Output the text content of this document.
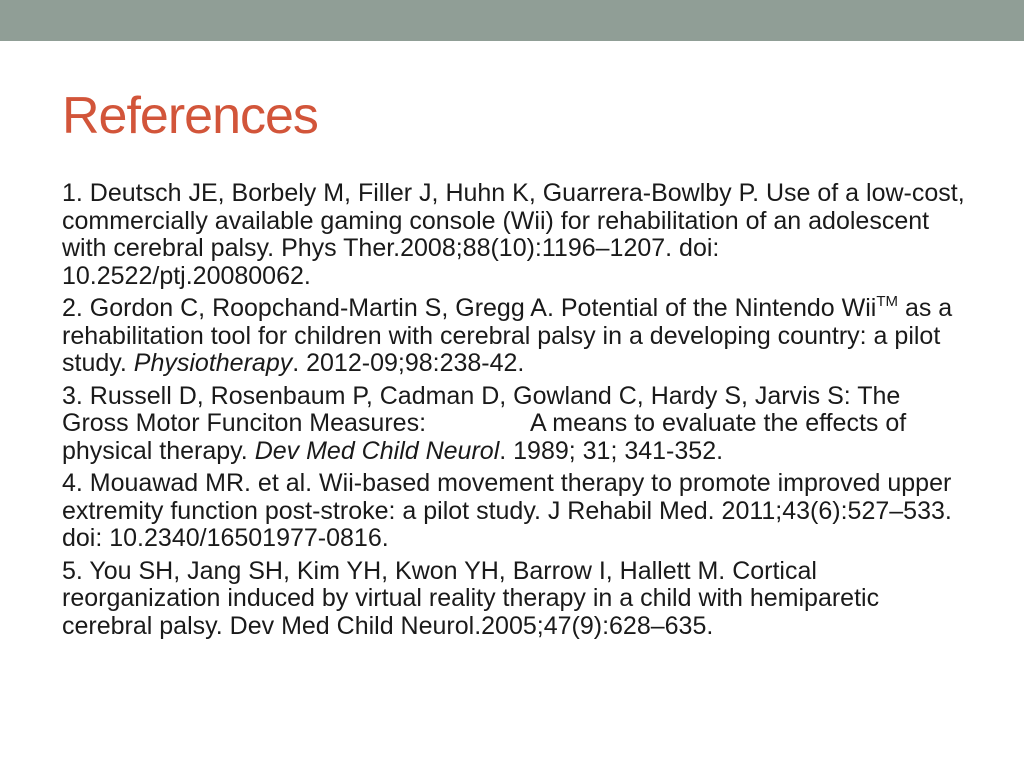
References
1. Deutsch JE, Borbely M, Filler J, Huhn K, Guarrera-Bowlby P. Use of a low-cost, commercially available gaming console (Wii) for rehabilitation of an adolescent with cerebral palsy. Phys Ther.2008;88(10):1196–1207. doi: 10.2522/ptj.20080062.
2. Gordon C, Roopchand-Martin S, Gregg A. Potential of the Nintendo Wii™ as a rehabilitation tool for children with cerebral palsy in a developing country: a pilot study. Physiotherapy. 2012-09;98:238-42.
3. Russell D, Rosenbaum P, Cadman D, Gowland C, Hardy S, Jarvis S: The Gross Motor Funciton Measures:	A means to evaluate the effects of physical therapy. Dev Med Child Neurol. 1989; 31; 341-352.
4. Mouawad MR. et al. Wii-based movement therapy to promote improved upper extremity function post-stroke: a pilot study. J Rehabil Med. 2011;43(6):527–533. doi: 10.2340/16501977-0816.
5. You SH, Jang SH, Kim YH, Kwon YH, Barrow I, Hallett M. Cortical reorganization induced by virtual reality therapy in a child with hemiparetic cerebral palsy. Dev Med Child Neurol.2005;47(9):628–635.
